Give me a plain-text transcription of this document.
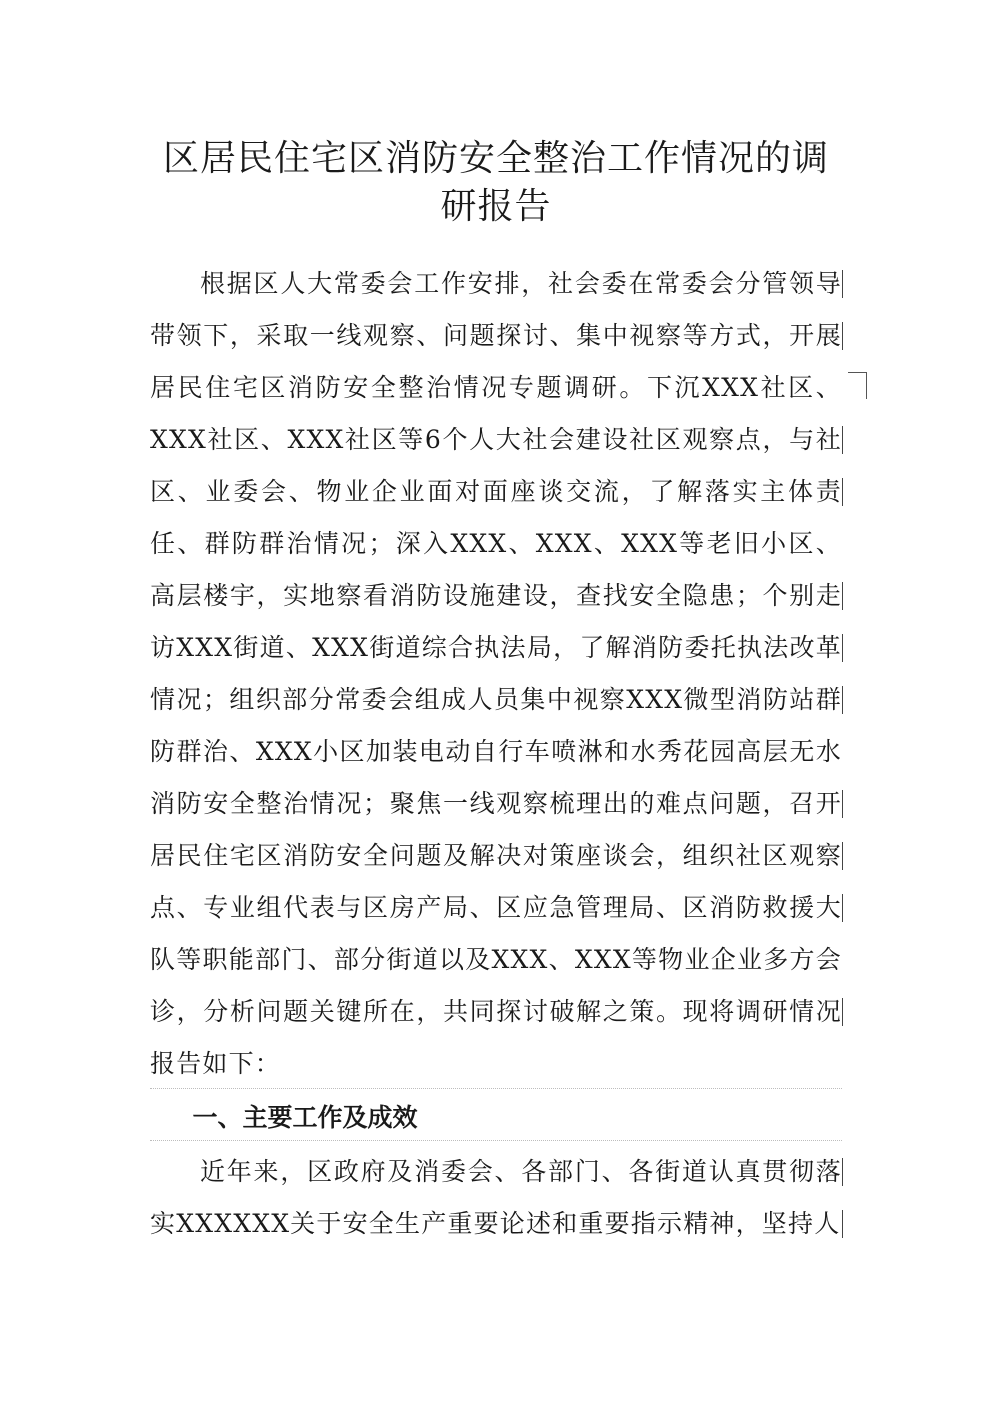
区居民住宅区消防安全整治工作情况的调研报告

根据区人大常委会工作安排，社会委在常委会分管领导带领下，采取一线观察、问题探讨、集中视察等方式，开展居民住宅区消防安全整治情况专题调研。下沉XXX社区、XXX社区、XXX社区等6个人大社会建设社区观察点，与社区、业委会、物业企业面对面座谈交流，了解落实主体责任、群防群治情况；深入XXX、XXX、XXX等老旧小区、高层楼宇，实地察看消防设施建设，查找安全隐患；个别走访XXX街道、XXX街道综合执法局，了解消防委托执法改革情况；组织部分常委会组成人员集中视察XXX微型消防站群防群治、XXX小区加装电动自行车喷淋和水秀花园高层无水消防安全整治情况；聚焦一线观察梳理出的难点问题，召开居民住宅区消防安全问题及解决对策座谈会，组织社区观察点、专业组代表与区房产局、区应急管理局、区消防救援大队等职能部门、部分街道以及XXX、XXX等物业企业多方会诊，分析问题关键所在，共同探讨破解之策。现将调研情况报告如下：

一、主要工作及成效

近年来，区政府及消委会、各部门、各街道认真贯彻落实XXXXXX关于安全生产重要论述和重要指示精神，坚持人
